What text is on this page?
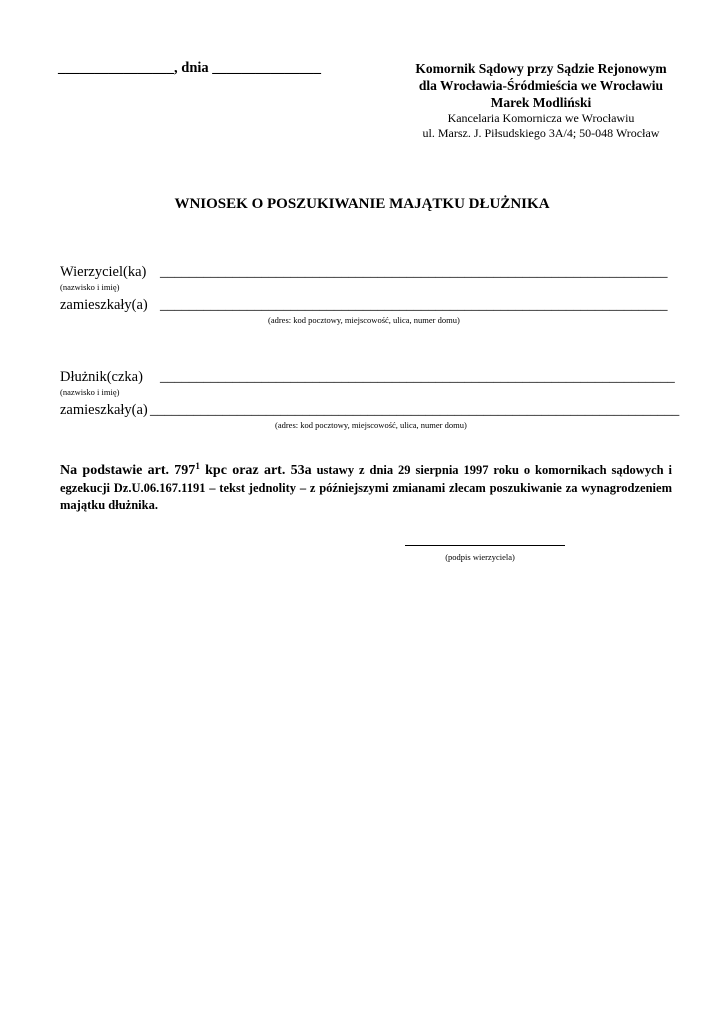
________________, dnia _______________	Komornik Sądowy przy Sądzie Rejonowym
dla Wrocławia-Śródmieścia we Wrocławiu
Marek Modliński
Kancelaria Komornicza we Wrocławiu
ul. Marsz. J. Piłsudskiego 3A/4; 50-048 Wrocław
WNIOSEK O POSZUKIWANIE MAJĄTKU DŁUŻNIKA
Wierzyciel(ka) ______________________________________________________________________
(nazwisko i imię)
zamieszkały(a) ______________________________________________________________________
(adres: kod pocztowy, miejscowość, ulica, numer domu)
Dłużnik(czka) _______________________________________________________________________
(nazwisko i imię)
zamieszkały(a) _________________________________________________________________________
(adres: kod pocztowy, miejscowość, ulica, numer domu)
Na podstawie art. $797^1$ kpc oraz art. 53a ustawy z dnia 29 sierpnia 1997 roku o komornikach sądowych i egzekucji Dz.U.06.167.1191 – tekst jednolity – z późniejszymi zmianami zlecam poszukiwanie za wynagrodzeniem majątku dłużnika.
(podpis wierzyciela)
